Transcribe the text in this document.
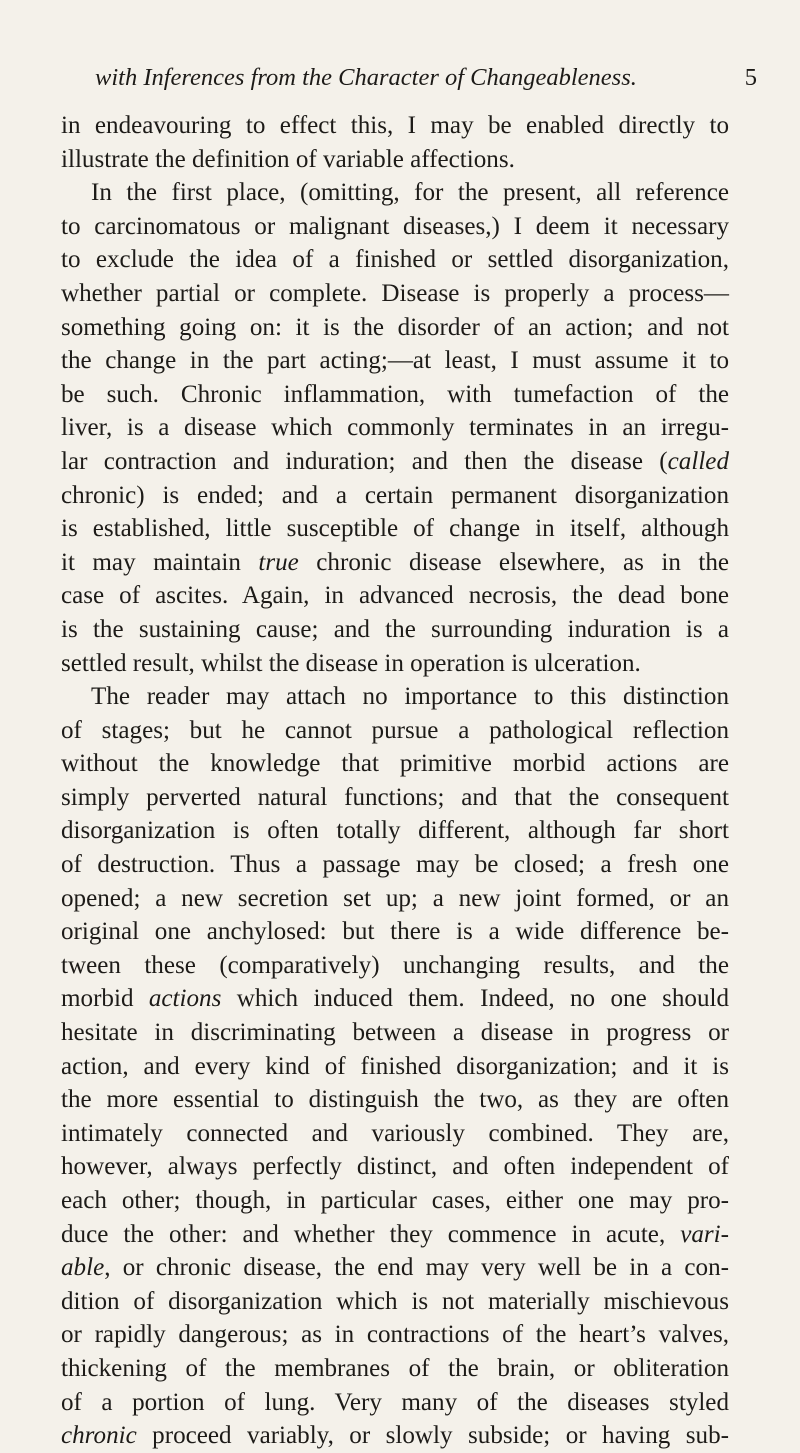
with Inferences from the Character of Changeableness.	5
in endeavouring to effect this, I may be enabled directly to
illustrate the definition of variable affections.
In the first place, (omitting, for the present, all reference
to carcinomatous or malignant diseases,) I deem it necessary
to exclude the idea of a finished or settled disorganization,
whether partial or complete. Disease is properly a process—
something going on: it is the disorder of an action; and not
the change in the part acting;—at least, I must assume it to
be such. Chronic inflammation, with tumefaction of the
liver, is a disease which commonly terminates in an irregu-
lar contraction and induration; and then the disease (called
chronic) is ended; and a certain permanent disorganization
is established, little susceptible of change in itself, although
it may maintain true chronic disease elsewhere, as in the
case of ascites. Again, in advanced necrosis, the dead bone
is the sustaining cause; and the surrounding induration is a
settled result, whilst the disease in operation is ulceration.
The reader may attach no importance to this distinction
of stages; but he cannot pursue a pathological reflection
without the knowledge that primitive morbid actions are
simply perverted natural functions; and that the consequent
disorganization is often totally different, although far short
of destruction. Thus a passage may be closed; a fresh one
opened; a new secretion set up; a new joint formed, or an
original one anchylosed: but there is a wide difference be-
tween these (comparatively) unchanging results, and the
morbid actions which induced them. Indeed, no one should
hesitate in discriminating between a disease in progress or
action, and every kind of finished disorganization; and it is
the more essential to distinguish the two, as they are often
intimately connected and variously combined. They are,
however, always perfectly distinct, and often independent of
each other; though, in particular cases, either one may pro-
duce the other: and whether they commence in acute, vari-
able, or chronic disease, the end may very well be in a con-
dition of disorganization which is not materially mischievous
or rapidly dangerous; as in contractions of the heart’s valves,
thickening of the membranes of the brain, or obliteration
of a portion of lung. Very many of the diseases styled
chronic proceed variably, or slowly subside; or having sub-
